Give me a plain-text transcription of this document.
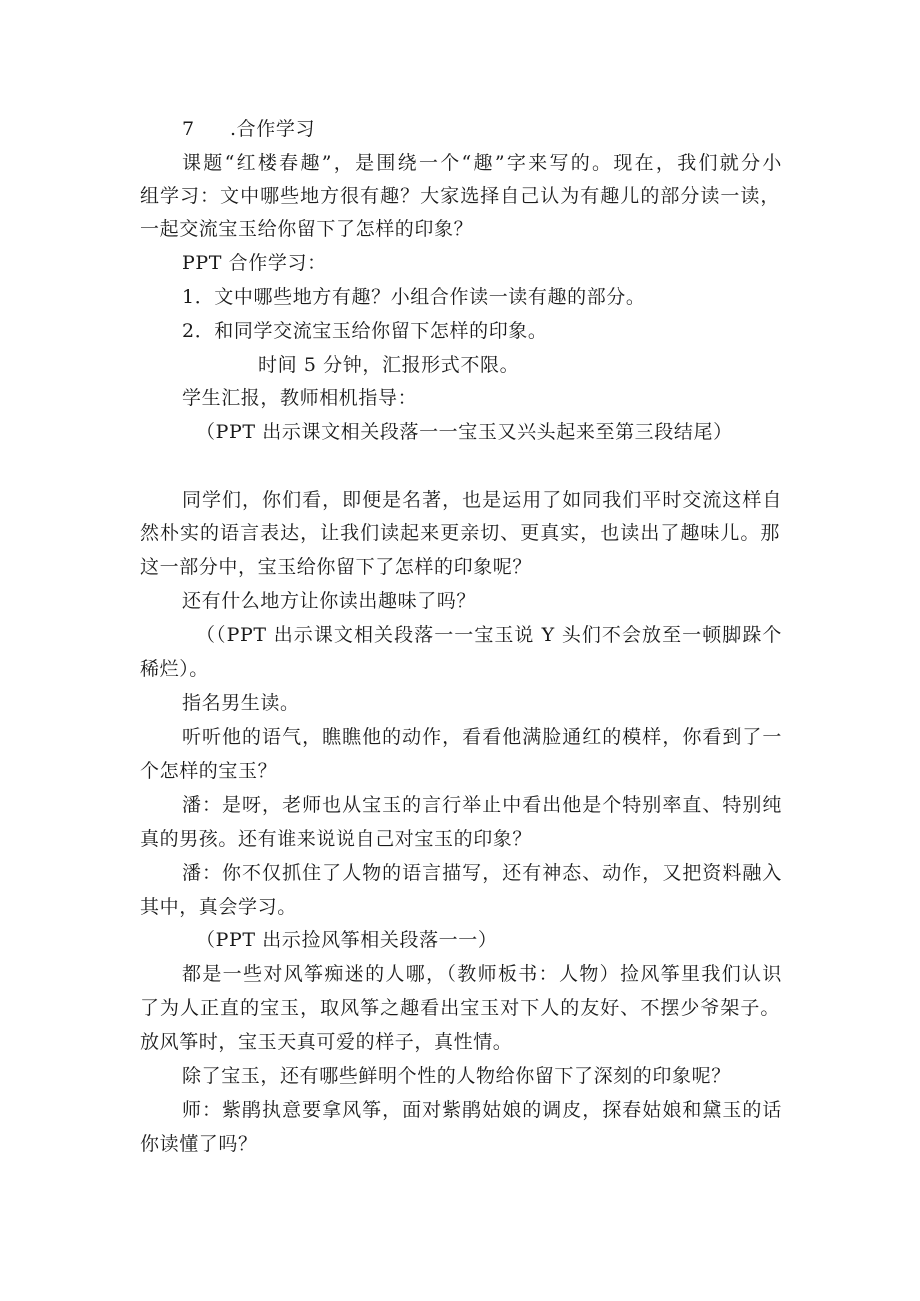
7 .合作学习
课题“红楼春趣”，是围绕一个“趣”字来写的。现在，我们就分小
组学习：文中哪些地方很有趣？大家选择自己认为有趣儿的部分读一读，
一起交流宝玉给你留下了怎样的印象？
PPT 合作学习：
1．文中哪些地方有趣？小组合作读一读有趣的部分。
2．和同学交流宝玉给你留下怎样的印象。
时间 5 分钟，汇报形式不限。
学生汇报，教师相机指导：
（PPT 出示课文相关段落一一宝玉又兴头起来至第三段结尾）
同学们，你们看，即便是名著，也是运用了如同我们平时交流这样自
然朴实的语言表达，让我们读起来更亲切、更真实，也读出了趣味儿。那
这一部分中，宝玉给你留下了怎样的印象呢？
还有什么地方让你读出趣味了吗？
（（PPT 出示课文相关段落一一宝玉说 Y 头们不会放至一顿脚跺个
稀烂）。
指名男生读。
听听他的语气，瞧瞧他的动作，看看他满脸通红的模样，你看到了一
个怎样的宝玉？
潘：是呀，老师也从宝玉的言行举止中看出他是个特别率直、特别纯
真的男孩。还有谁来说说自己对宝玉的印象？
潘：你不仅抓住了人物的语言描写，还有神态、动作，又把资料融入
其中，真会学习。
（PPT 出示捡风筝相关段落一一）
都是一些对风筝痴迷的人哪，（教师板书：人物）捡风筝里我们认识
了为人正直的宝玉，取风筝之趣看出宝玉对下人的友好、不摆少爷架子。
放风筝时，宝玉天真可爱的样子，真性情。
除了宝玉，还有哪些鲜明个性的人物给你留下了深刻的印象呢？
师：紫鹃执意要拿风筝，面对紫鹃姑娘的调皮，探春姑娘和黛玉的话
你读懂了吗？
